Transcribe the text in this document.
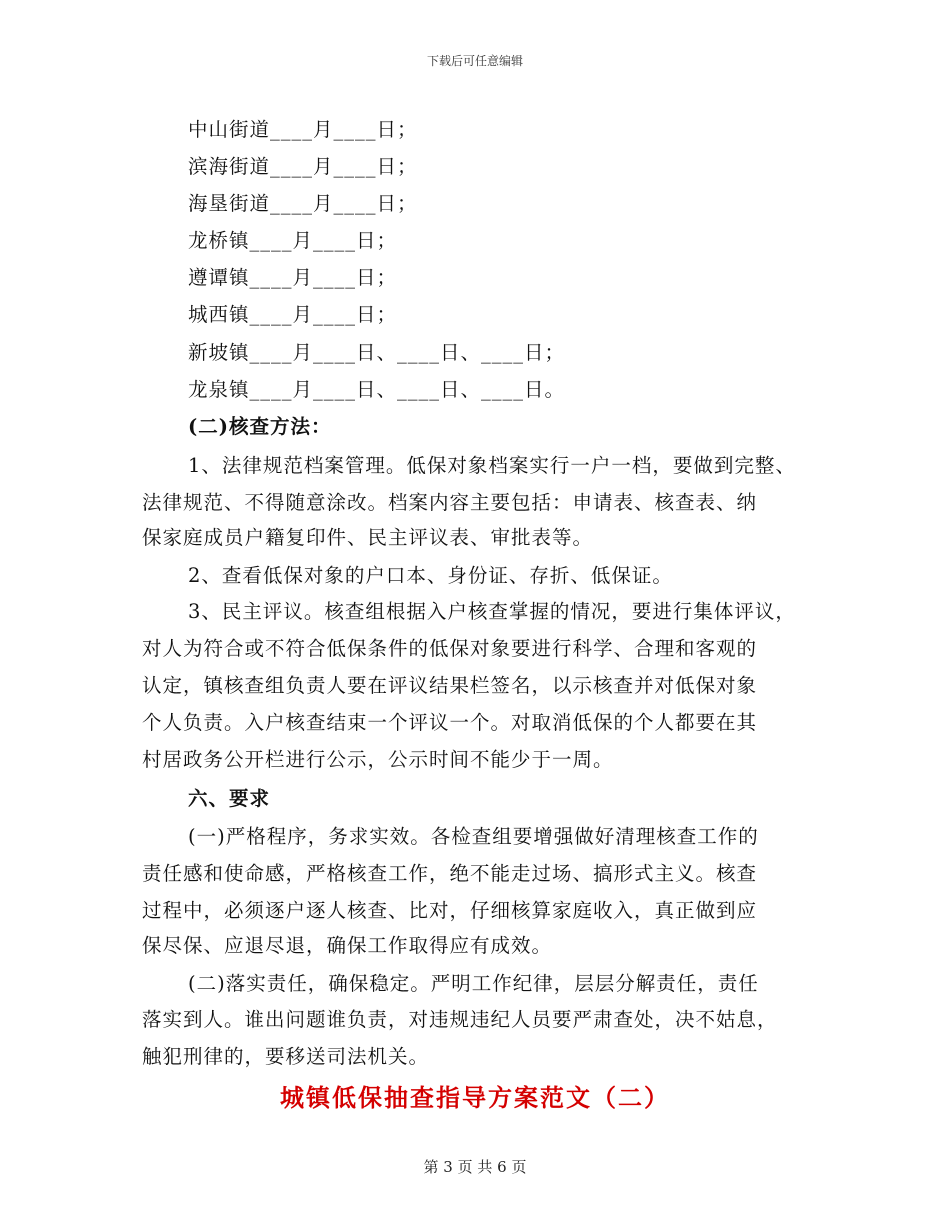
下载后可任意编辑
中山街道____月____日；
滨海街道____月____日；
海垦街道____月____日；
龙桥镇____月____日；
遵谭镇____月____日；
城西镇____月____日；
新坡镇____月____日、____日、____日；
龙泉镇____月____日、____日、____日。
(二)核查方法：
1、法律规范档案管理。低保对象档案实行一户一档，要做到完整、
法律规范、不得随意涂改。档案内容主要包括：申请表、核查表、纳
保家庭成员户籍复印件、民主评议表、审批表等。
2、查看低保对象的户口本、身份证、存折、低保证。
3、民主评议。核查组根据入户核查掌握的情况，要进行集体评议，
对人为符合或不符合低保条件的低保对象要进行科学、合理和客观的
认定，镇核查组负责人要在评议结果栏签名，以示核查并对低保对象
个人负责。入户核查结束一个评议一个。对取消低保的个人都要在其
村居政务公开栏进行公示，公示时间不能少于一周。
六、要求
(一)严格程序，务求实效。各检查组要增强做好清理核查工作的
责任感和使命感，严格核查工作，绝不能走过场、搞形式主义。核查
过程中，必须逐户逐人核查、比对，仔细核算家庭收入，真正做到应
保尽保、应退尽退，确保工作取得应有成效。
(二)落实责任，确保稳定。严明工作纪律，层层分解责任，责任
落实到人。谁出问题谁负责，对违规违纪人员要严肃查处，决不姑息，
触犯刑律的，要移送司法机关。
城镇低保抽查指导方案范文（二）
第 3 页 共 6 页
